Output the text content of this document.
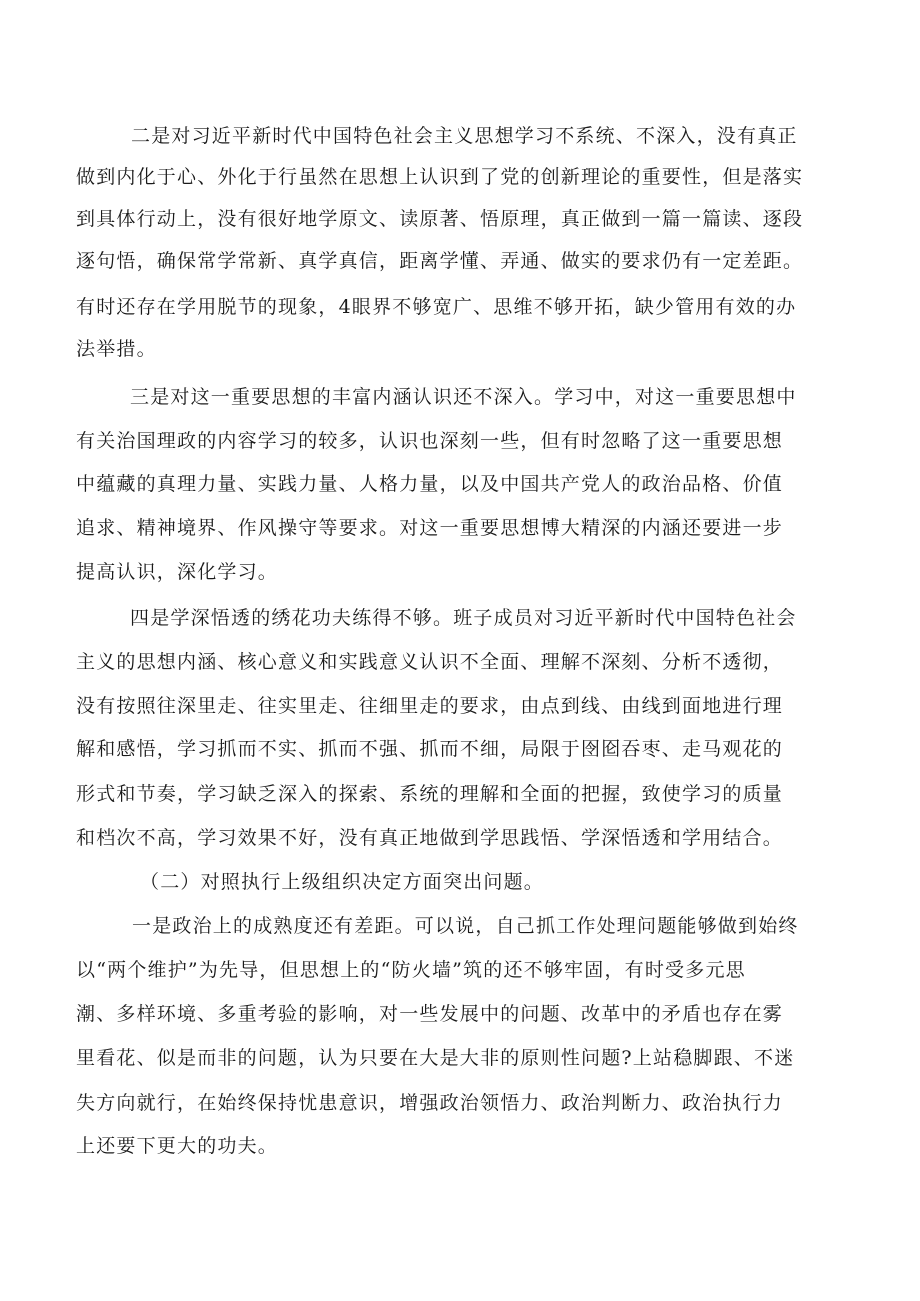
二是对习近平新时代中国特色社会主义思想学习不系统、不深入，没有真正
做到内化于心、外化于行虽然在思想上认识到了党的创新理论的重要性，但是落实
到具体行动上，没有很好地学原文、读原著、悟原理，真正做到一篇一篇读、逐段
逐句悟，确保常学常新、真学真信，距离学懂、弄通、做实的要求仍有一定差距。
有时还存在学用脱节的现象，4眼界不够宽广、思维不够开拓，缺少管用有效的办
法举措。
三是对这一重要思想的丰富内涵认识还不深入。学习中，对这一重要思想中
有关治国理政的内容学习的较多，认识也深刻一些，但有时忽略了这一重要思想
中蕴藏的真理力量、实践力量、人格力量，以及中国共产党人的政治品格、价值
追求、精神境界、作风操守等要求。对这一重要思想博大精深的内涵还要进一步
提高认识，深化学习。
四是学深悟透的绣花功夫练得不够。班子成员对习近平新时代中国特色社会
主义的思想内涵、核心意义和实践意义认识不全面、理解不深刻、分析不透彻，
没有按照往深里走、往实里走、往细里走的要求，由点到线、由线到面地进行理
解和感悟，学习抓而不实、抓而不强、抓而不细，局限于囹囵吞枣、走马观花的
形式和节奏，学习缺乏深入的探索、系统的理解和全面的把握，致使学习的质量
和档次不高，学习效果不好，没有真正地做到学思践悟、学深悟透和学用结合。
（二）对照执行上级组织决定方面突出问题。
一是政治上的成熟度还有差距。可以说，自己抓工作处理问题能够做到始终
以“两个维护”为先导，但思想上的“防火墙”筑的还不够牢固，有时受多元思
潮、多样环境、多重考验的影响，对一些发展中的问题、改革中的矛盾也存在雾
里看花、似是而非的问题，认为只要在大是大非的原则性问题?上站稳脚跟、不迷
失方向就行，在始终保持忧患意识，增强政治领悟力、政治判断力、政治执行力
上还要下更大的功夫。
